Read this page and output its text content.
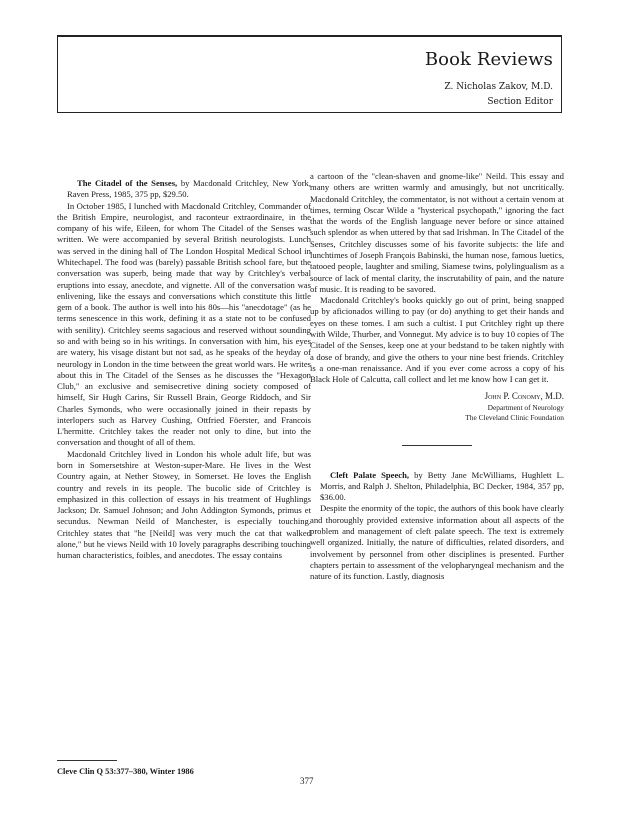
Book Reviews
Z. Nicholas Zakov, M.D.
Section Editor

The Citadel of the Senses, by Macdonald Critchley, New York, Raven Press, 1985, 375 pp, $29.50.

In October 1985, I lunched with Macdonald Critchley, Commander of the British Empire, neurologist, and raconteur extraordinaire, in the company of his wife, Eileen, for whom The Citadel of the Senses was written. We were accompanied by several British neurologists. Lunch was served in the dining hall of The London Hospital Medical School in Whitechapel. The food was (barely) passable British school fare, but the conversation was superb, being made that way by Critchley's verbal eruptions into essay, anecdote, and vignette. All of the conversation was enlivening, like the essays and conversations which constitute this little gem of a book. The author is well into his 80s—his "anecdotage" (as he terms senescence in this work, defining it as a state not to be confused with senility). Critchley seems sagacious and reserved without sounding so and with being so in his writings. In conversation with him, his eyes are watery, his visage distant but not sad, as he speaks of the heyday of neurology in London in the time between the great world wars. He writes about this in The Citadel of the Senses as he discusses the "Hexagon Club," an exclusive and semisecretive dining society composed of himself, Sir Hugh Carins, Sir Russell Brain, George Riddoch, and Sir Charles Symonds, who were occasionally joined in their repasts by interlopers such as Harvey Cushing, Ottfried Föerster, and Francois L'hermitte. Critchley takes the reader not only to dine, but into the conversation and thought of all of them.

Macdonald Critchley lived in London his whole adult life, but was born in Somersetshire at Weston-super-Mare. He lives in the West Country again, at Nether Stowey, in Somerset. He loves the English country and revels in its people. The bucolic side of Critchley is emphasized in this collection of essays in his treatment of Hughlings Jackson; Dr. Samuel Johnson; and John Addington Symonds, primus et secundus. Newman Neild of Manchester, is especially touching. Critchley states that "he [Neild] was very much the cat that walked alone," but he views Neild with 10 lovely paragraphs describing touching human characteristics, foibles, and anecdotes. The essay contains

a cartoon of the "clean-shaven and gnome-like" Neild. This essay and many others are written warmly and amusingly, but not uncritically. Macdonald Critchley, the commentator, is not without a certain venom at times, terming Oscar Wilde a "hysterical psychopath," ignoring the fact that the words of the English language never before or since attained such splendor as when uttered by that sad Irishman. In The Citadel of the Senses, Critchley discusses some of his favorite subjects: the life and lunchtimes of Joseph François Babinski, the human nose, famous luetics, tatooed people, laughter and smiling, Siamese twins, polylingualism as a source of lack of mental clarity, the inscrutability of pain, and the nature of music. It is reading to be savored.

Macdonald Critchley's books quickly go out of print, being snapped up by aficionados willing to pay (or do) anything to get their hands and eyes on these tomes. I am such a cultist. I put Critchley right up there with Wilde, Thurber, and Vonnegut. My advice is to buy 10 copies of The Citadel of the Senses, keep one at your bedstand to be taken nightly with a dose of brandy, and give the others to your nine best friends. Critchley is a one-man renaissance. And if you ever come across a copy of his Black Hole of Calcutta, call collect and let me know how I can get it.

John P. Conomy, M.D.
Department of Neurology
The Cleveland Clinic Foundation

Cleft Palate Speech, by Betty Jane McWilliams, Hughlett L. Morris, and Ralph J. Shelton, Philadelphia, BC Decker, 1984, 357 pp, $36.00.

Despite the enormity of the topic, the authors of this book have clearly and thoroughly provided extensive information about all aspects of the problem and management of cleft palate speech. The text is extremely well organized. Initially, the nature of difficulties, related disorders, and involvement by personnel from other disciplines is presented. Further chapters pertain to assessment of the velopharyngeal mechanism and the nature of its function. Lastly, diagnosis

Cleve Clin Q 53:377–380, Winter 1986
377
